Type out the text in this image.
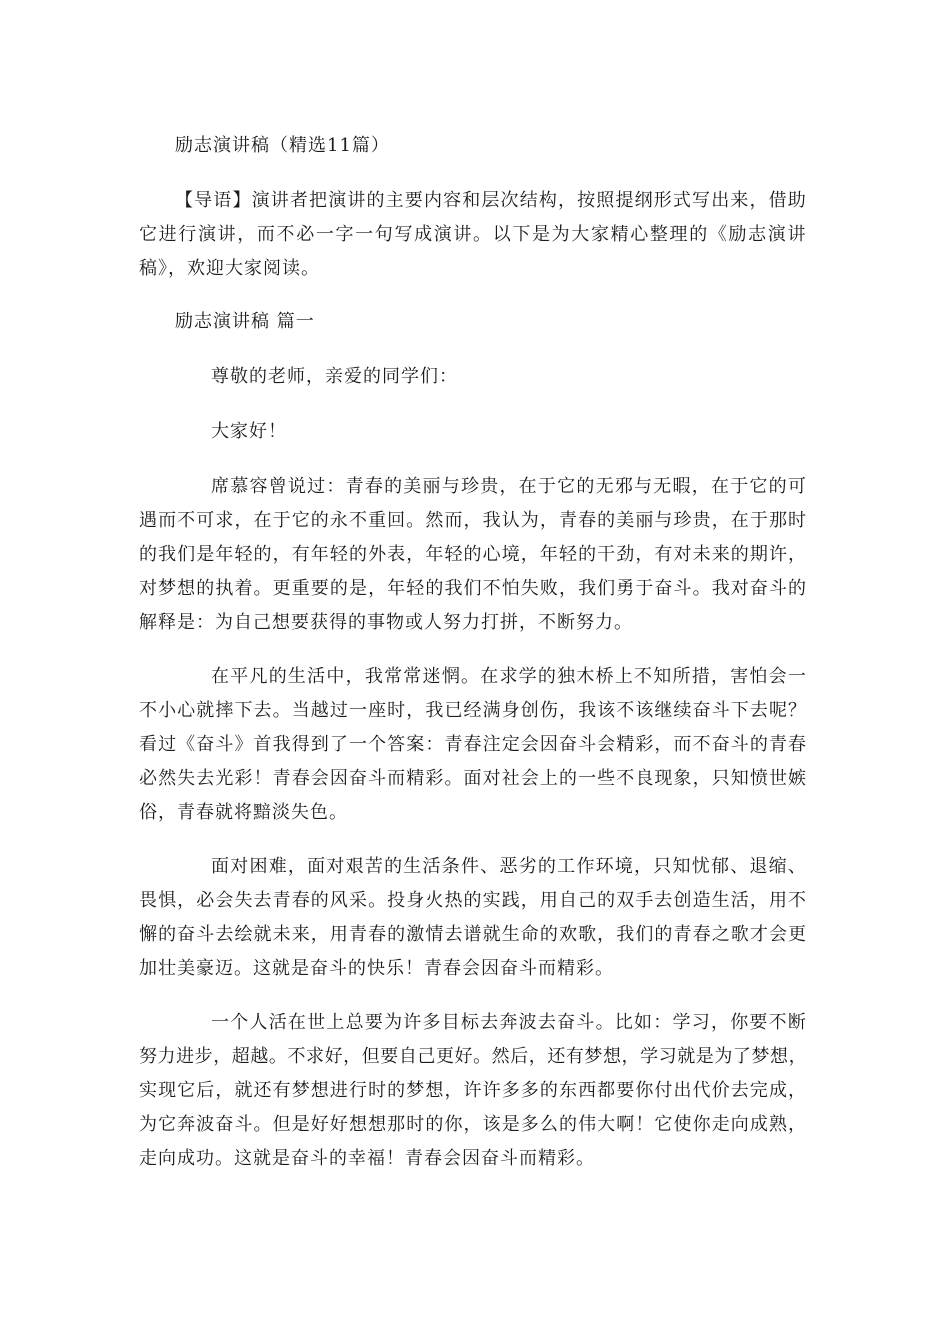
励志演讲稿（精选11篇）
【导语】演讲者把演讲的主要内容和层次结构，按照提纲形式写出来，借助
它进行演讲，而不必一字一句写成演讲。以下是为大家精心整理的《励志演讲
稿》，欢迎大家阅读。
励志演讲稿 篇一
尊敬的老师，亲爱的同学们：
大家好！
席慕容曾说过：青春的美丽与珍贵，在于它的无邪与无暇，在于它的可
遇而不可求，在于它的永不重回。然而，我认为，青春的美丽与珍贵，在于那时
的我们是年轻的，有年轻的外表，年轻的心境，年轻的干劲，有对未来的期许，
对梦想的执着。更重要的是，年轻的我们不怕失败，我们勇于奋斗。我对奋斗的
解释是：为自己想要获得的事物或人努力打拼，不断努力。
在平凡的生活中，我常常迷惘。在求学的独木桥上不知所措，害怕会一
不小心就摔下去。当越过一座时，我已经满身创伤，我该不该继续奋斗下去呢？
看过《奋斗》首我得到了一个答案：青春注定会因奋斗会精彩，而不奋斗的青春
必然失去光彩！青春会因奋斗而精彩。面对社会上的一些不良现象，只知愤世嫉
俗，青春就将黯淡失色。
面对困难，面对艰苦的生活条件、恶劣的工作环境，只知忧郁、退缩、
畏惧，必会失去青春的风采。投身火热的实践，用自己的双手去创造生活，用不
懈的奋斗去绘就未来，用青春的激情去谱就生命的欢歌，我们的青春之歌才会更
加壮美豪迈。这就是奋斗的快乐！青春会因奋斗而精彩。
一个人活在世上总要为许多目标去奔波去奋斗。比如：学习，你要不断
努力进步，超越。不求好，但要自己更好。然后，还有梦想，学习就是为了梦想，
实现它后，就还有梦想进行时的梦想，许许多多的东西都要你付出代价去完成，
为它奔波奋斗。但是好好想想那时的你，该是多么的伟大啊！它使你走向成熟，
走向成功。这就是奋斗的幸福！青春会因奋斗而精彩。
